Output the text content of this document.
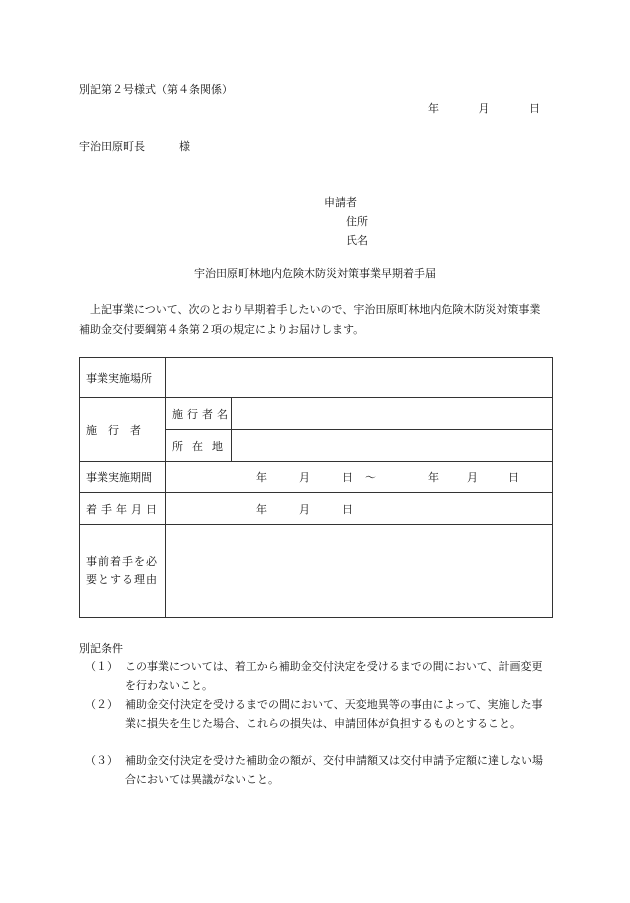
別記第２号様式（第４条関係）
年	月	日
宇治田原町長	様
申請者
住所
氏名
宇治田原町林地内危険木防災対策事業早期着手届
 上記事業について、次のとおり早期着手したいので、宇治田原町林地内危険木防災対策事業補助金交付要綱第４条第２項の規定によりお届けします。
事業実施場所		
施　行　者	施行者名	
	所在地	
事業実施期間	年 月 日 ～ 年 月 日	
着手年月日	年 月 日	
事前着手を必要とする理由		
別記条件
（１） この事業については、着工から補助金交付決定を受けるまでの間において、計画変更を行わないこと。
（２） 補助金交付決定を受けるまでの間において、天変地異等の事由によって、実施した事業に損失を生じた場合、これらの損失は、申請団体が負担するものとすること。
（３） 補助金交付決定を受けた補助金の額が、交付申請額又は交付申請予定額に達しない場合においては異議がないこと。
